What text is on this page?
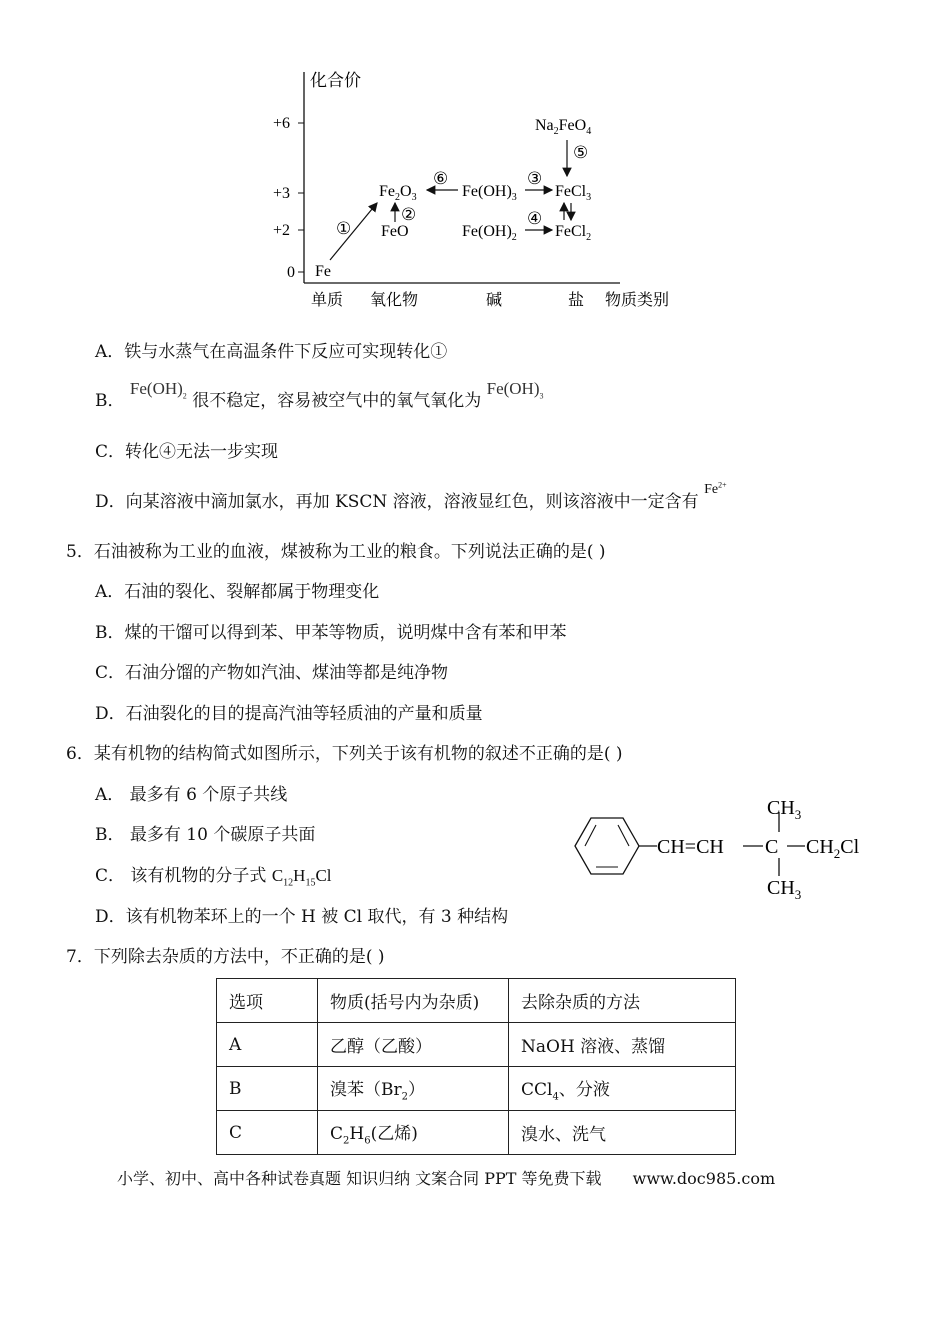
化合价
+6
+3
+2
0
单质 氧化物	碱	盐 物质类别
Fe
FeO
$Fe_2O_3$	$Fe(OH)_3$
$Fe(OH)_2$
FeCl$_3$
FeCl$_2$
$Na_2FeO_4$
①
②
③
④
⑤
⑥
A．铁与水蒸气在高温条件下反应可实现转化①
B． $Fe(OH)_2$ 很不稳定，容易被空气中的氧气氧化为 $Fe(OH)_3$
C．转化④无法一步实现
D．向某溶液中滴加氯水，再加 KSCN 溶液，溶液显红色，则该溶液中一定含有 $^{Fe^{2+}}$
5．石油被称为工业的血液，煤被称为工业的粮食。下列说法正确的是( )
A．石油的裂化、裂解都属于物理变化
B．煤的干馏可以得到苯、甲苯等物质，说明煤中含有苯和甲苯
C．石油分馏的产物如汽油、煤油等都是纯净物
D．石油裂化的目的提高汽油等轻质油的产量和质量
6．某有机物的结构简式如图所示，下列关于该有机物的叙述不正确的是( )
A． 最多有 6 个原子共线
B． 最多有 10 个碳原子共面
C． 该有机物的分子式 $C_{12}H_{15}Cl$
D．该有机物苯环上的一个 H 被 Cl 取代，有 3 种结构
CH=CH C
$CH_3$
$CH_3$
$CH_2Cl$
7．下列除去杂质的方法中，不正确的是( )
选项	物质(括号内为杂质)	去除杂质的方法
A	乙醇（乙酸）	NaOH 溶液、蒸馏
B	溴苯$(Br_2)$	CCl$_4$、分液
C	$C_2H_6$(乙烯)	溴水、洗气
小学、初中、高中各种试卷真题 知识归纳 文案合同 PPT 等免费下载 www.doc985.com
